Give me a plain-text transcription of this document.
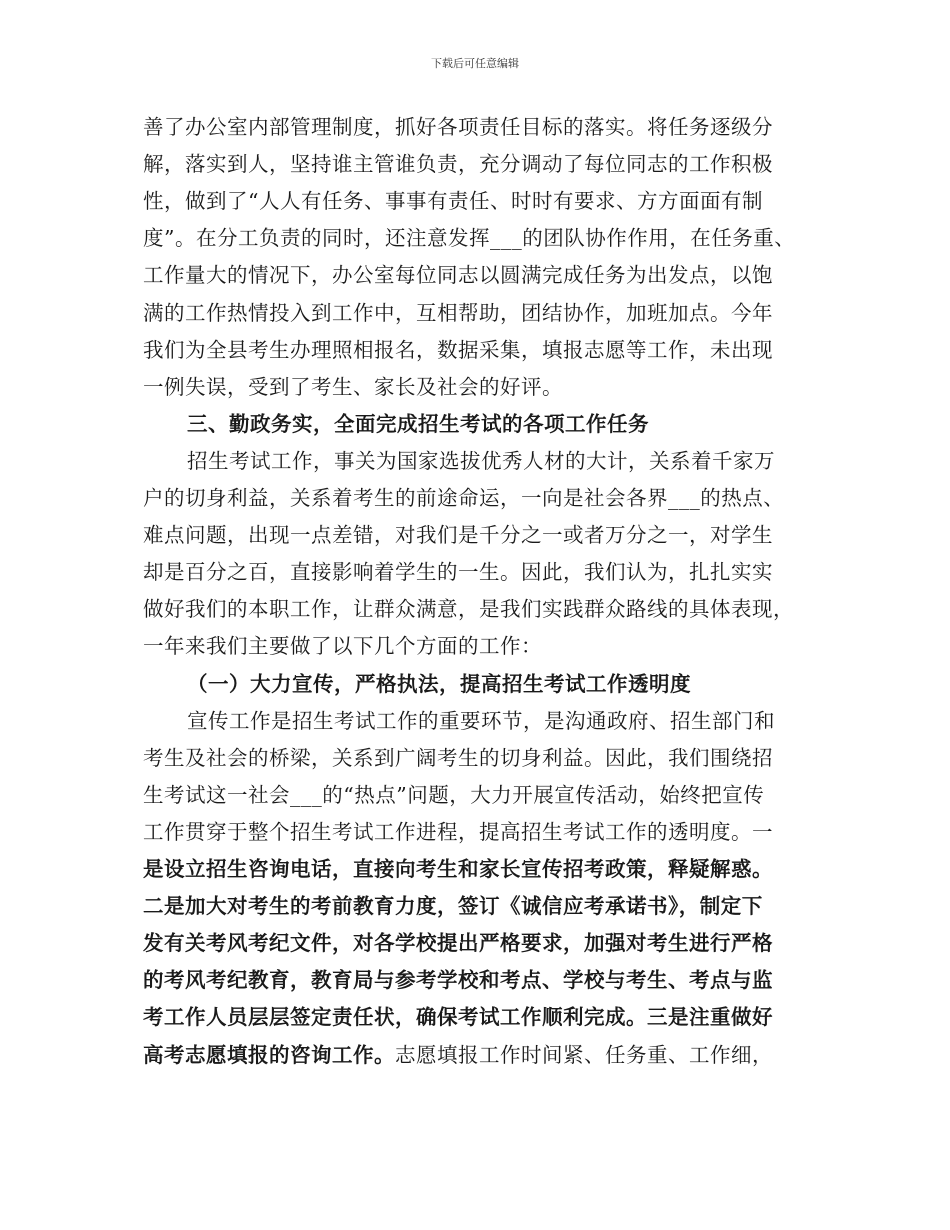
下载后可任意编辑
善了办公室内部管理制度，抓好各项责任目标的落实。将任务逐级分
解，落实到人，坚持谁主管谁负责，充分调动了每位同志的工作积极
性，做到了“人人有任务、事事有责任、时时有要求、方方面面有制
度”。在分工负责的同时，还注意发挥___的团队协作作用，在任务重、
工作量大的情况下，办公室每位同志以圆满完成任务为出发点，以饱
满的工作热情投入到工作中，互相帮助，团结协作，加班加点。今年
我们为全县考生办理照相报名，数据采集，填报志愿等工作，未出现
一例失误，受到了考生、家长及社会的好评。
三、勤政务实，全面完成招生考试的各项工作任务
招生考试工作，事关为国家选拔优秀人材的大计，关系着千家万
户的切身利益，关系着考生的前途命运，一向是社会各界___的热点、
难点问题，出现一点差错，对我们是千分之一或者万分之一，对学生
却是百分之百，直接影响着学生的一生。因此，我们认为，扎扎实实
做好我们的本职工作，让群众满意，是我们实践群众路线的具体表现，
一年来我们主要做了以下几个方面的工作：
（一）大力宣传，严格执法，提高招生考试工作透明度
宣传工作是招生考试工作的重要环节，是沟通政府、招生部门和
考生及社会的桥梁，关系到广阔考生的切身利益。因此，我们围绕招
生考试这一社会___的“热点”问题，大力开展宣传活动，始终把宣传
工作贯穿于整个招生考试工作进程，提高招生考试工作的透明度。一
是设立招生咨询电话，直接向考生和家长宣传招考政策，释疑解惑。
二是加大对考生的考前教育力度，签订《诚信应考承诺书》，制定下
发有关考风考纪文件，对各学校提出严格要求，加强对考生进行严格
的考风考纪教育，教育局与参考学校和考点、学校与考生、考点与监
考工作人员层层签定责任状，确保考试工作顺利完成。三是注重做好
高考志愿填报的咨询工作。志愿填报工作时间紧、任务重、工作细，
